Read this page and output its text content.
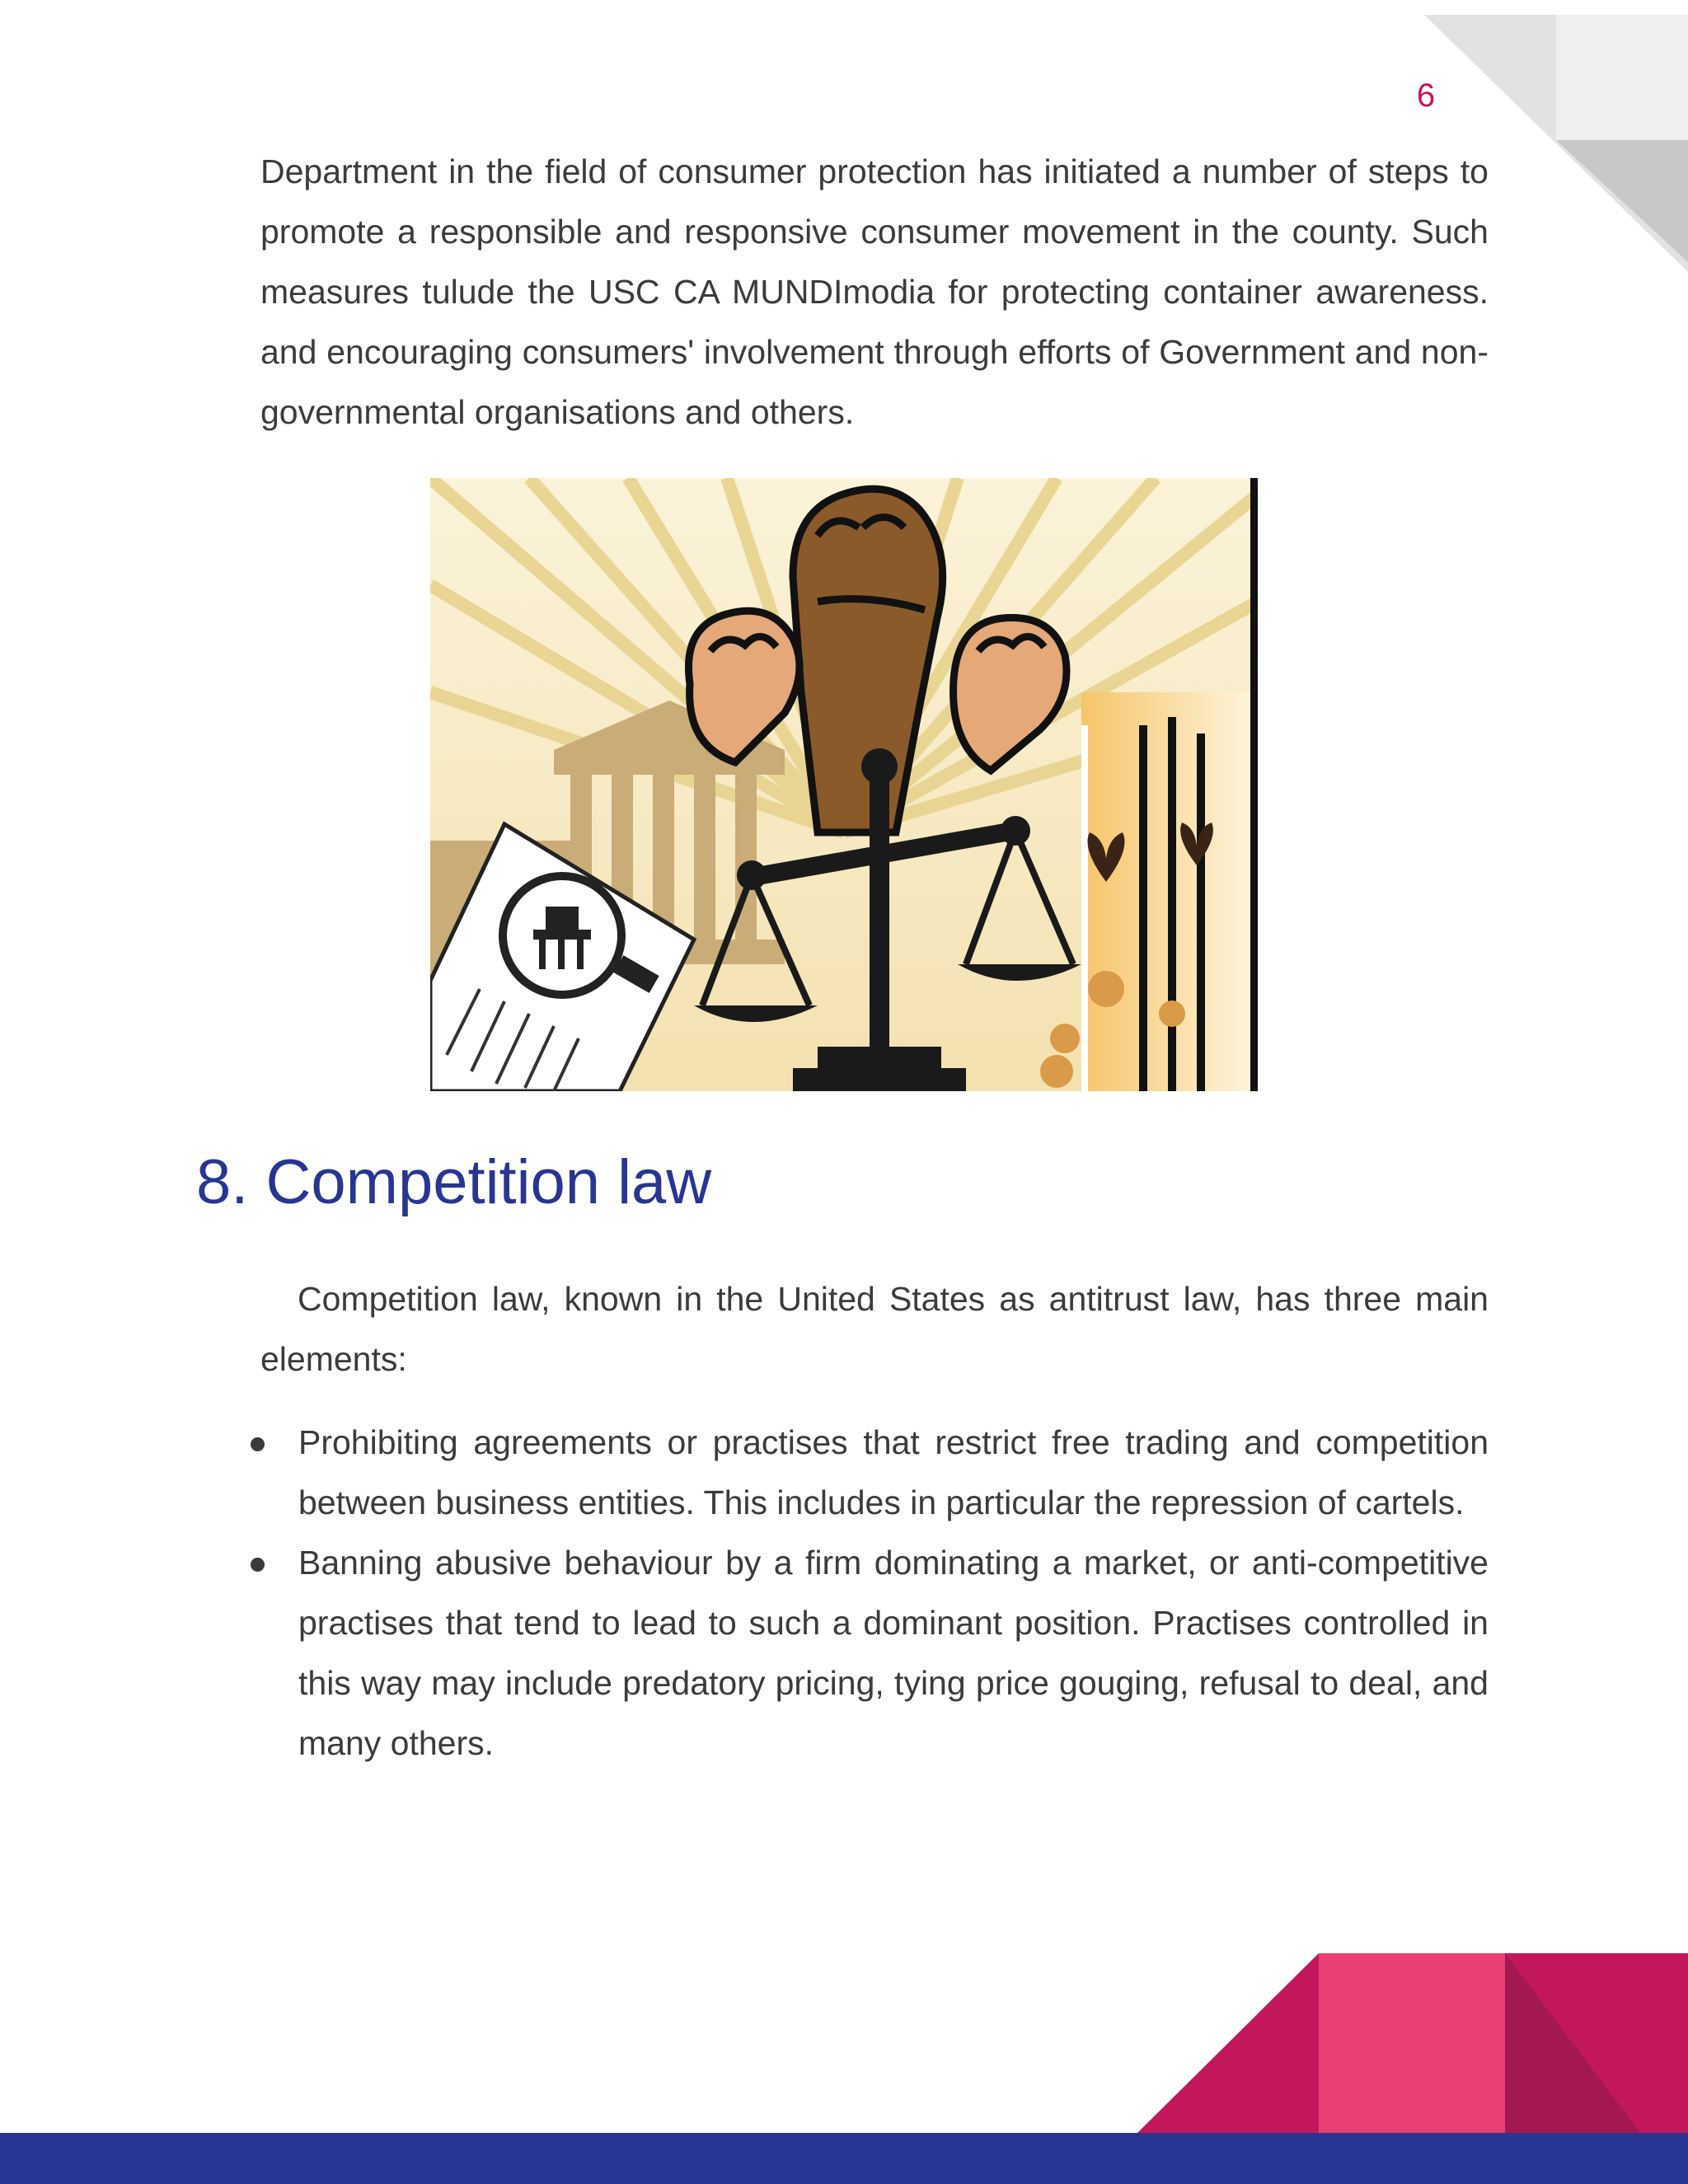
6

Department in the field of consumer protection has initiated a number of steps to promote a responsible and responsive consumer movement in the county. Such measures tulude the USC CA MUNDImodia for protecting container awareness. and encouraging consumers' involvement through efforts of Government and non-governmental organisations and others.

8. Competition law

Competition law, known in the United States as antitrust law, has three main elements:

Prohibiting agreements or practises that restrict free trading and competition between business entities. This includes in particular the repression of cartels.
Banning abusive behaviour by a firm dominating a market, or anti-competitive practises that tend to lead to such a dominant position. Practises controlled in this way may include predatory pricing, tying price gouging, refusal to deal, and many others.
